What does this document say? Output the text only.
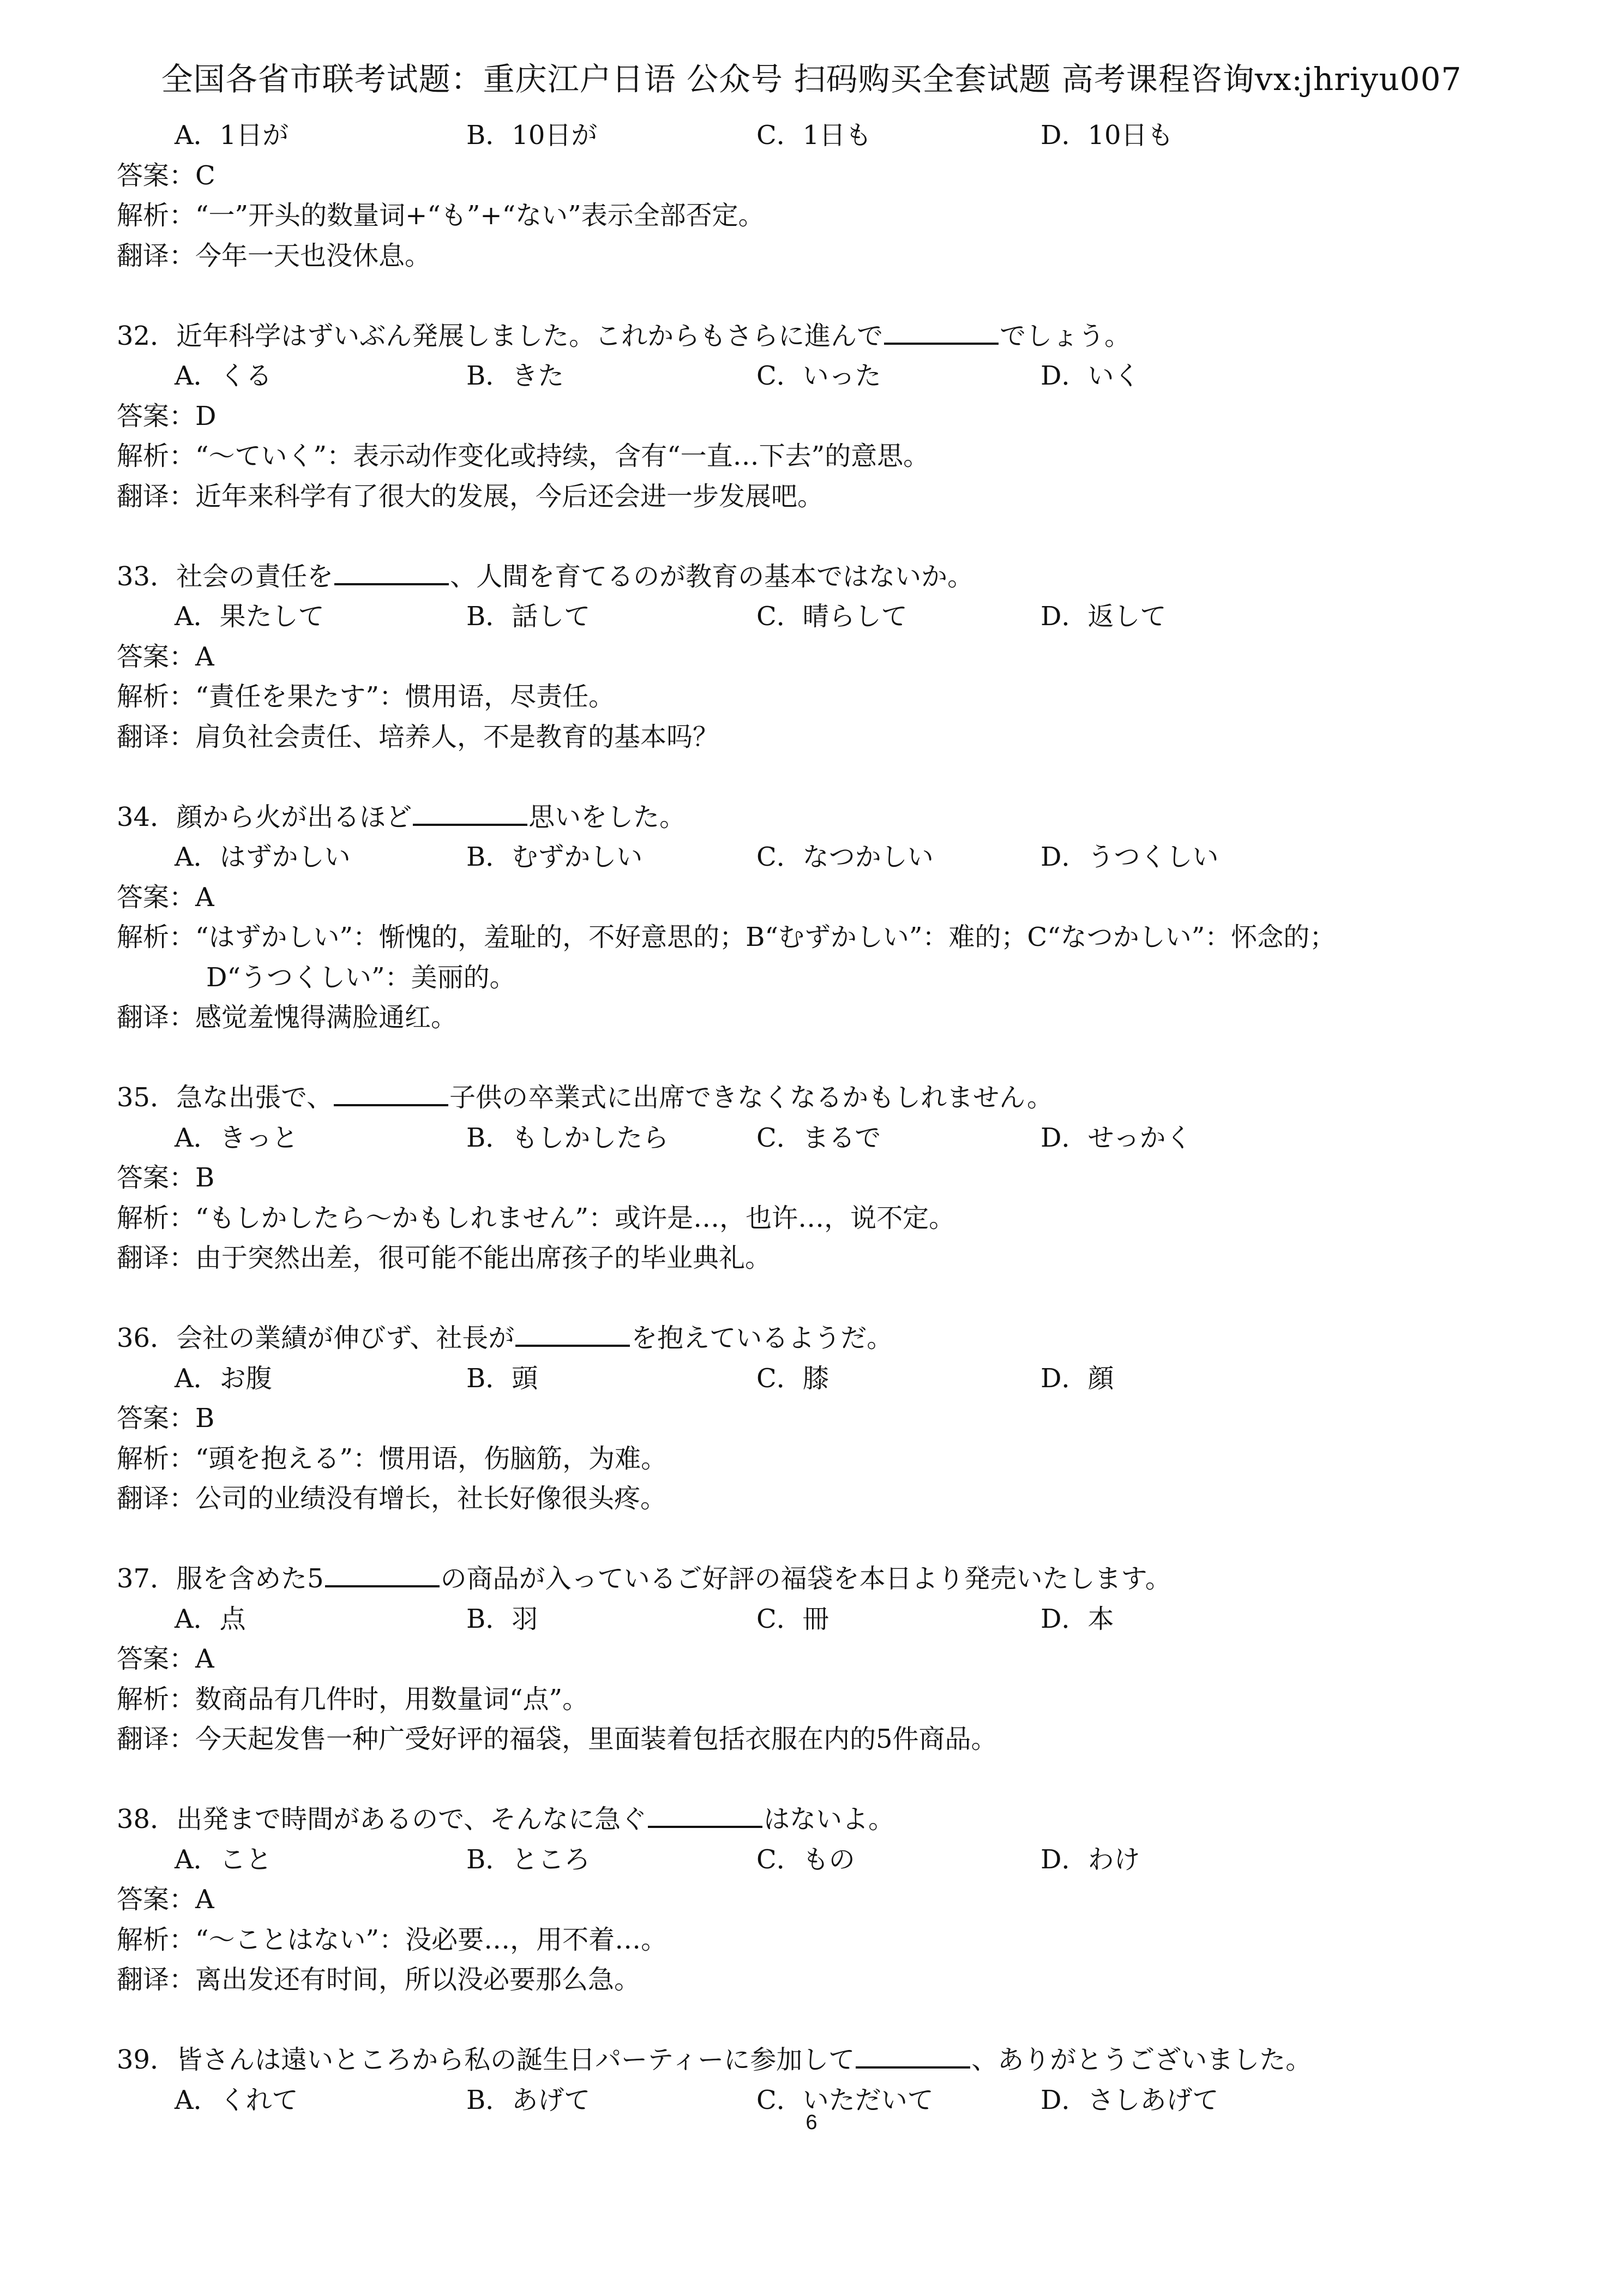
全国各省市联考试题：重庆江户日语 公众号 扫码购买全套试题 高考课程咨询vx:jhriyu007
A．1日が	B．10日が	C．1日も	D．10日も
答案：C
解析：“一”开头的数量词+“も”+“ない”表示全部否定。
翻译：今年一天也没休息。
32．近年科学はずいぶん発展しました。これからもさらに進んで	でしょう。
A．くる	B．きた	C．いった	D．いく
答案：D
解析：“～ていく”：表示动作变化或持续，含有“一直…下去”的意思。
翻译：近年来科学有了很大的发展，今后还会进一步发展吧。
33．社会の責任を	、人間を育てるのが教育の基本ではないか。
A．果たして	B．話して	C．晴らして	D．返して
答案：A
解析：“責任を果たす”：惯用语，尽责任。
翻译：肩负社会责任、培养人，不是教育的基本吗？
34．顔から火が出るほど	思いをした。
A．はずかしい	B．むずかしい	C．なつかしい	D．うつくしい
答案：A
解析：“はずかしい”：惭愧的，羞耻的，不好意思的；B“むずかしい”：难的；C“なつかしい”：怀念的；
D“うつくしい”：美丽的。
翻译：感觉羞愧得满脸通红。
35．急な出張で、	子供の卒業式に出席できなくなるかもしれません。
A．きっと	B．もしかしたら	C．まるで	D．せっかく
答案：B
解析：“もしかしたら～かもしれません”：或许是…，也许…，说不定。
翻译：由于突然出差，很可能不能出席孩子的毕业典礼。
36．会社の業績が伸びず、社長が	を抱えているようだ。
A．お腹	B．頭	C．膝	D．顔
答案：B
解析：“頭を抱える”：惯用语，伤脑筋，为难。
翻译：公司的业绩没有增长，社长好像很头疼。
37．服を含めた5	の商品が入っているご好評の福袋を本日より発売いたします。
A．点	B．羽	C．冊	D．本
答案：A
解析：数商品有几件时，用数量词“点”。
翻译：今天起发售一种广受好评的福袋，里面装着包括衣服在内的5件商品。
38．出発まで時間があるので、そんなに急ぐ	はないよ。
A．こと	B．ところ	C．もの	D．わけ
答案：A
解析：“～ことはない”：没必要…，用不着…。
翻译：离出发还有时间，所以没必要那么急。
39．皆さんは遠いところから私の誕生日パーティーに参加して	、ありがとうございました。
A．くれて	B．あげて	C．いただいて	D．さしあげて
6
